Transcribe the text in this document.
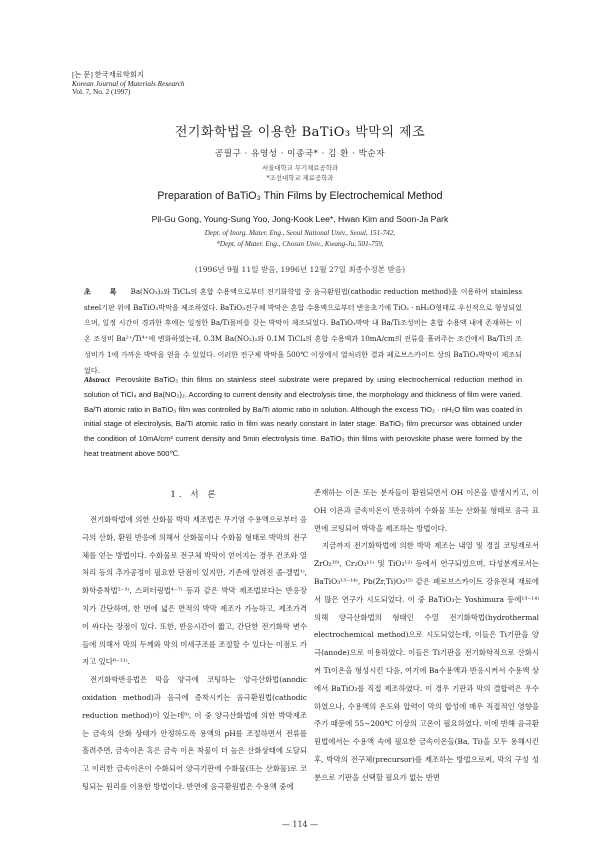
[논 문] 한국재료학회지
Korean Journal of Materials Research
Vol. 7, No. 2 (1997)
전기화학법을 이용한 BaTiO₃ 박막의 제조
공필구 · 유영성 · 이종국* · 김 환 · 박순자
서울대학교 무기재료공학과
*조선대학교 재료공학과
Preparation of BaTiO₃ Thin Films by Electrochemical Method
Pil-Gu Gong, Young-Sung Yoo, Jong-Kook Lee*, Hwan Kim and Soon-Ja Park
Dept. of Inorg. Mater. Eng., Seoul National Univ., Seoul, 151-742,
*Dept. of Mater. Eng., Chosun Univ., Kwang-Ju, 501-759,
(1996년 9월 11일 받음, 1996년 12월 27일 최종수정본 받음)
초 록 Ba(NO₃)₂와 TiCl₄의 혼합 수용액으로부터 전기화학법 중 음극환원법(cathodic reduction method)을 이용하여 stainless steel기판 위에 BaTiO₃박막을 제조하였다. BaTiO₃전구체 박막은 혼합 수용액으로부터 반응초기에 TiO₂ · nH₂O형태로 우선적으로 형성되었으며, 일정 시간이 경과한 후에는 일정한 Ba/Ti몰비를 갖는 박막이 제조되었다. BaTiO₃박막 내 Ba/Ti조성비는 혼합 수용액 내에 존재하는 이온 조성비 Ba²⁺/Ti⁴⁺에 변화하였는데, 0.3M Ba(NO₃)₂와 0.1M TiCl₄의 혼합 수용액과 10mA/cm의 전류를 흘려주는 조건에서 Ba/Ti의 조성비가 1에 가까운 박막을 얻을 수 있었다. 이러한 전구체 박막을 500℃ 이상에서 열처리한 결과 페로브스카이트 상의 BaTiO₃박막이 제조되었다.
Abstract Perovskite BaTiO₃ thin films on stainless steel substrate were prepared by using electrochemical reduction method in solution of TiCl₄ and Ba(NO₃)₂. According to current density and electrolysis time, the morphology and thickness of film were varied. Ba/Ti atomic ratio in BaTiO₃ film was controlled by Ba/Ti atomic ratio in solution. Although the excess TiO₂ · nH₂O film was coated in initial stage of electrolysis, Ba/Ti atomic ratio in film was nearly constant in later stage. BaTiO₃ film precursor was obtained under the condition of 10mA/cm² current density and 5min electrolysis time. BaTiO₃ thin films with perovskite phase were formed by the heat treatment above 500℃.
1. 서 론

전기화학법에 의한 산화물 박막 제조법은 무기염 수용액으로부터 음극의 산화, 환원 반응에 의해서 산화물이나 수화물 형태로 박막의 전구체를 얻는 방법이다. 수화물로 전구체 박막이 얻어지는 경우 건조와 열처리 등의 추가공정이 필요한 단점이 있지만, 기존에 알려진 졸-겔법¹⁾, 화학증착법²⁻³⁾, 스퍼터링법⁴⁻⁷⁾ 등과 같은 박막 제조법보다는 반응장치가 간단하며, 한 번에 넓은 면적의 박막 제조가 가능하고, 제조가격이 싸다는 장점이 있다. 또한, 반응시간이 짧고, 간단한 전기화학 변수들에 의해서 막의 두께와 막의 미세구조를 조절할 수 있다는 이점도 가지고 있다⁸⁻¹¹⁾.

전기화학반응법은 막을 양극에 코팅하는 양극산화법(anodic oxidation method)과 음극에 증착시키는 음극환원법(cathodic reduction method)이 있는데⁹⁾, 이 중 양극산화법에 의한 박막제조는 금속의 산화 상태가 안정하도록 용액의 pH를 조절하면서 전류를 흘려주면, 금속이온 혹은 금속 이온 착물이 더 높은 산화상태에 도달되고 이러한 금속이온이 수화되어 양극기판에 수화물(또는 산화물)로 코팅되는 원리를 이용한 방법이다. 반면에 음극환원법은 수용액 중에

존재하는 이온 또는 분자들이 환원되면서 OH 이온을 발생시키고, 이 OH 이온과 금속이온이 반응하여 수화물 또는 산화물 형태로 음극 표면에 코팅되어 박막을 제조하는 방법이다.

지금까지 전기화학법에 의한 박막 제조는 내열 및 경질 코팅재로서 ZrO₂¹⁰⁾, Cr₂O₃¹¹⁾ 및 TiO₂¹²⁾ 등에서 연구되었으며, 다성분계로서는 BaTiO₃¹³⁻¹⁴⁾, Pb(Zr,Ti)O₃¹⁵⁾ 같은 페로브스카이트 강유전체 재료에서 많은 연구가 시도되었다. 이 중 BaTiO₃는 Yoshimura 등에¹³⁻¹⁴⁾ 의해 양극산화법의 형태인 수열 전기화학법(hydrothermal electrochemical method)으로 시도되었는데, 이들은 Ti기판을 양극(anode)으로 이용하였다. 이들은 Ti기판을 전기화학적으로 산화시켜 Ti이온을 형성시킨 다음, 여기에 Ba수용액과 반응시켜서 수용액 상에서 BaTiO₃를 직접 제조하였다. 이 경우 기판과 막의 결합력은 우수하였으나, 수용액의 온도와 압력이 막의 합성에 매우 직접적인 영향을 주기 때문에 55∼200℃ 이상의 고온이 필요하였다. 이에 반해 음극환원법에서는 수용액 속에 필요한 금속이온들(Ba, Ti)을 모두 용해시킨 후, 박막의 전구체(precursor)를 제조하는 방법으로써, 막의 구성 성분으로 기판을 선택할 필요가 없는 반면

— 114 —
